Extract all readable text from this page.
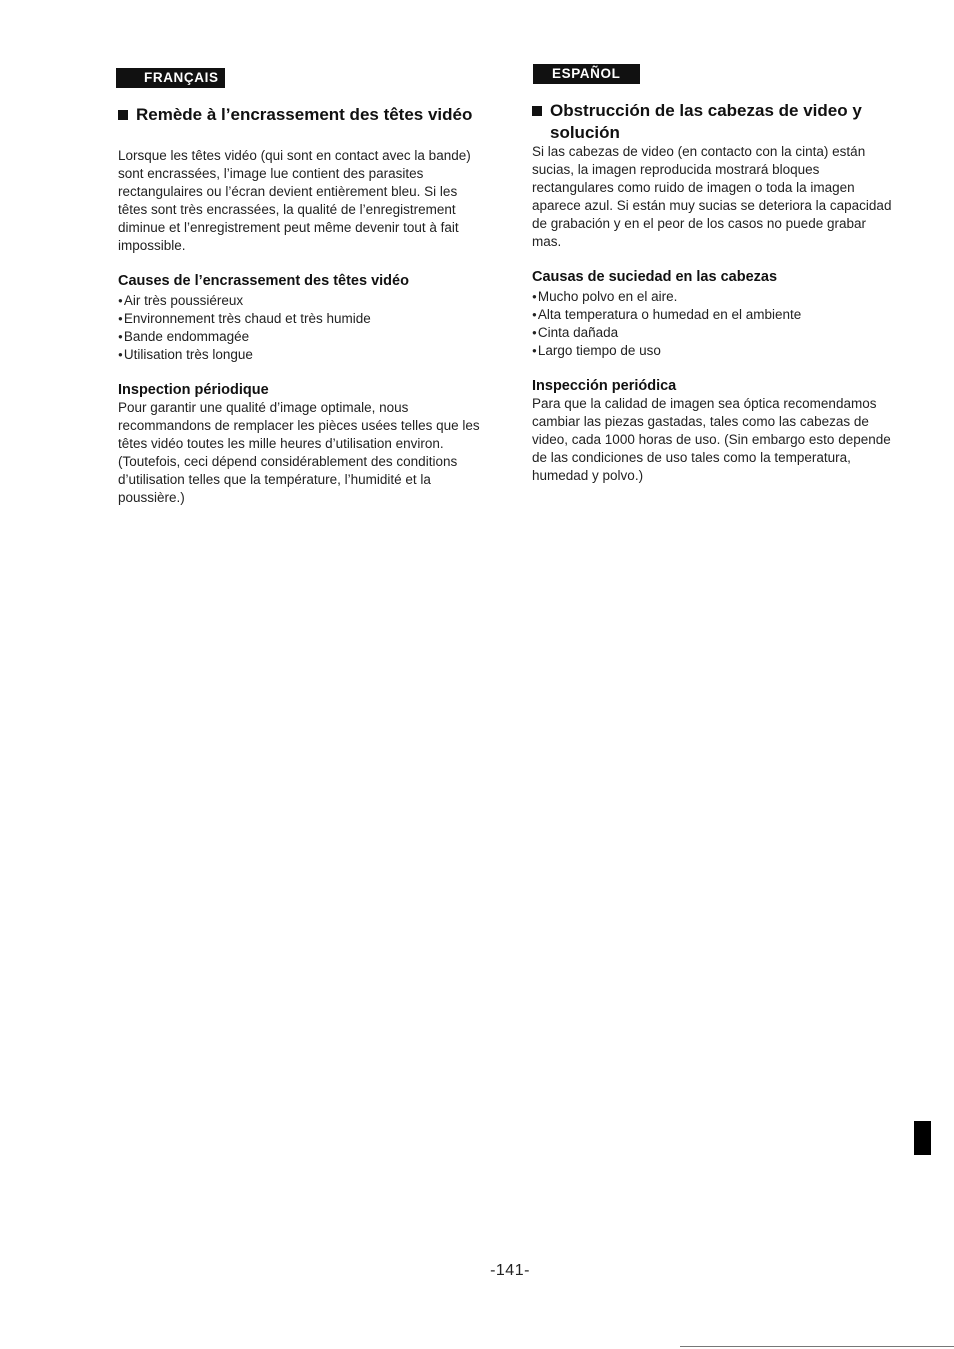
FRANÇAIS
Remède à l’encrassement des têtes vidéo

Lorsque les têtes vidéo (qui sont en contact avec la bande) sont encrassées, l’image lue contient des parasites rectangulaires ou l’écran devient entièrement bleu. Si les têtes sont très encrassées, la qualité de l’enregistrement diminue et l’enregistrement peut même devenir tout à fait impossible.

Causes de l’encrassement des têtes vidéo
● Air très poussiéreux
● Environnement très chaud et très humide
● Bande endommagée
● Utilisation très longue
Inspection périodique

Pour garantir une qualité d’image optimale, nous recommandons de remplacer les pièces usées telles que les têtes vidéo toutes les mille heures d’utilisation environ. (Toutefois, ceci dépend considérablement des conditions d’utilisation telles que la température, l’humidité et la poussière.)

ESPAÑOL
Obstrucción de las cabezas de video y solución

Si las cabezas de video (en contacto con la cinta) están sucias, la imagen reproducida mostrará bloques rectangulares como ruido de imagen o toda la imagen aparece azul. Si están muy sucias se deteriora la capacidad de grabación y en el peor de los casos no puede grabar mas.

Causas de suciedad en las cabezas
● Mucho polvo en el aire.
● Alta temperatura o humedad en el ambiente
● Cinta dañada
● Largo tiempo de uso
Inspección periódica

Para que la calidad de imagen sea óptica recomendamos cambiar las piezas gastadas, tales como las cabezas de video, cada 1000 horas de uso. (Sin embargo esto depende de las condiciones de uso tales como la temperatura, humedad y polvo.)

-141-
